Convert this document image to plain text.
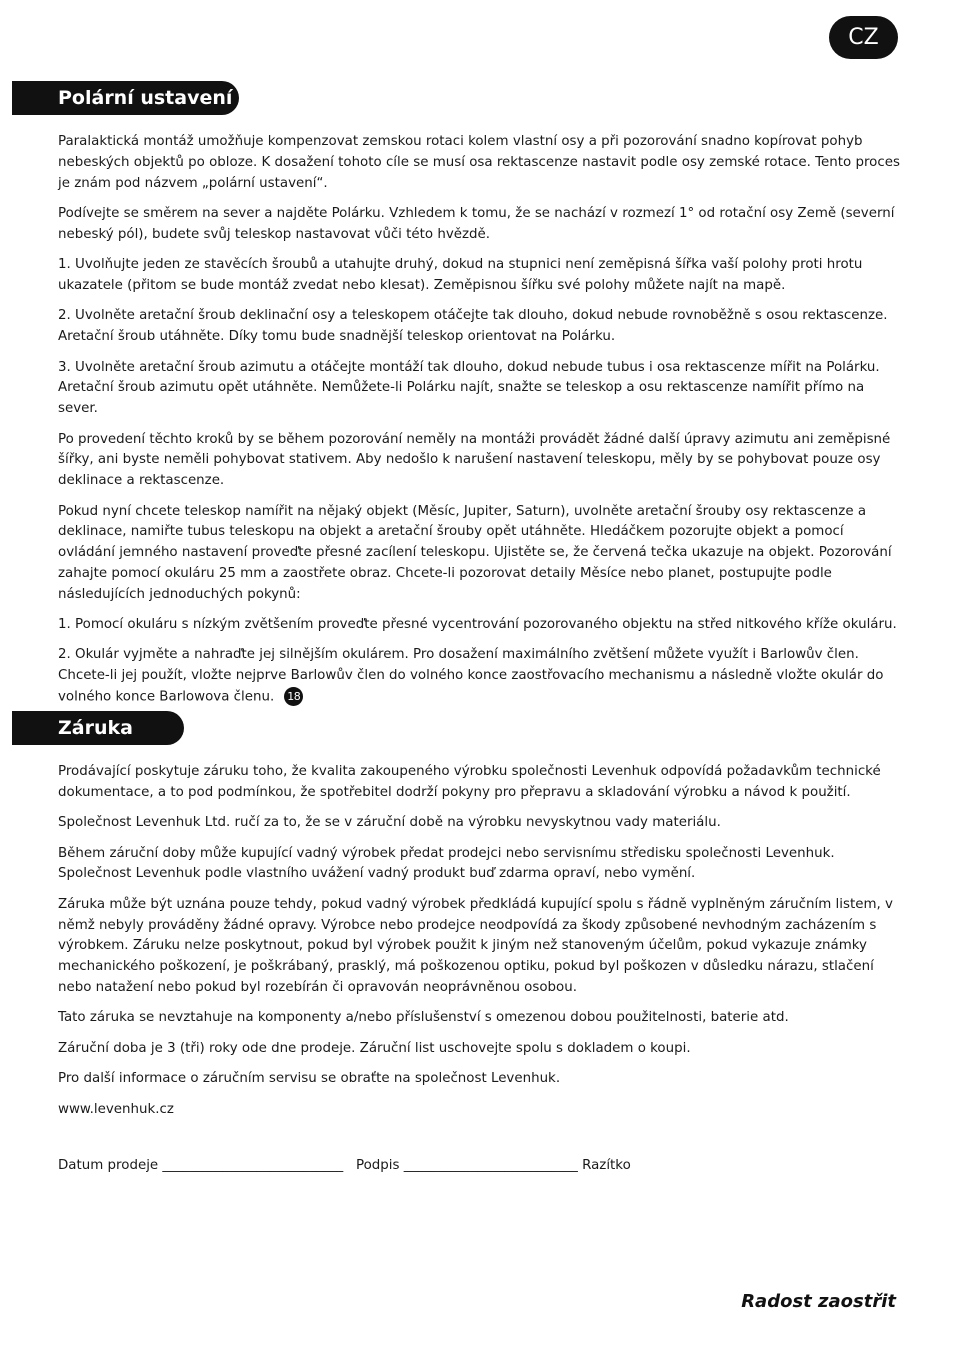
CZ
Polární ustavení

Paralaktická montáž umožňuje kompenzovat zemskou rotaci kolem vlastní osy a při pozorování snadno kopírovat pohyb nebeských objektů po obloze. K dosažení tohoto cíle se musí osa rektascenze nastavit podle osy zemské rotace. Tento proces je znám pod názvem „polární ustavení“.

Podívejte se směrem na sever a najděte Polárku. Vzhledem k tomu, že se nachází v rozmezí 1° od rotační osy Země (severní nebeský pól), budete svůj teleskop nastavovat vůči této hvězdě.

1. Uvolňujte jeden ze stavěcích šroubů a utahujte druhý, dokud na stupnici není zeměpisná šířka vaší polohy proti hrotu ukazatele (přitom se bude montáž zvedat nebo klesat). Zeměpisnou šířku své polohy můžete najít na mapě.

2. Uvolněte aretační šroub deklinační osy a teleskopem otáčejte tak dlouho, dokud nebude rovnoběžně s osou rektascenze. Aretační šroub utáhněte. Díky tomu bude snadnější teleskop orientovat na Polárku.

3. Uvolněte aretační šroub azimutu a otáčejte montáží tak dlouho, dokud nebude tubus i osa rektascenze mířit na Polárku. Aretační šroub azimutu opět utáhněte. Nemůžete-li Polárku najít, snažte se teleskop a osu rektascenze namířit přímo na sever.

Po provedení těchto kroků by se během pozorování neměly na montáži provádět žádné další úpravy azimutu ani zeměpisné šířky, ani byste neměli pohybovat stativem. Aby nedošlo k narušení nastavení teleskopu, měly by se pohybovat pouze osy deklinace a rektascenze.

Pokud nyní chcete teleskop namířit na nějaký objekt (Měsíc, Jupiter, Saturn), uvolněte aretační šrouby osy rektascenze a deklinace, namiřte tubus teleskopu na objekt a aretační šrouby opět utáhněte. Hledáčkem pozorujte objekt a pomocí ovládání jemného nastavení proveďte přesné zacílení teleskopu. Ujistěte se, že červená tečka ukazuje na objekt. Pozorování zahajte pomocí okuláru 25 mm a zaostřete obraz. Chcete-li pozorovat detaily Měsíce nebo planet, postupujte podle následujících jednoduchých pokynů:

1. Pomocí okuláru s nízkým zvětšením proveďte přesné vycentrování pozorovaného objektu na střed nitkového kříže okuláru.

2. Okulár vyjměte a nahraďte jej silnějším okulárem. Pro dosažení maximálního zvětšení můžete využít i Barlowův člen. Chcete-li jej použít, vložte nejprve Barlowův člen do volného konce zaostřovacího mechanismu a následně vložte okulár do volného konce Barlowova členu. 18

Záruka

Prodávající poskytuje záruku toho, že kvalita zakoupeného výrobku společnosti Levenhuk odpovídá požadavkům technické dokumentace, a to pod podmínkou, že spotřebitel dodrží pokyny pro přepravu a skladování výrobku a návod k použití.

Společnost Levenhuk Ltd. ručí za to, že se v záruční době na výrobku nevyskytnou vady materiálu.

Během záruční doby může kupující vadný výrobek předat prodejci nebo servisnímu středisku společnosti Levenhuk. Společnost Levenhuk podle vlastního uvážení vadný produkt buď zdarma opraví, nebo vymění.

Záruka může být uznána pouze tehdy, pokud vadný výrobek předkládá kupující spolu s řádně vyplněným záručním listem, v němž nebyly prováděny žádné opravy. Výrobce nebo prodejce neodpovídá za škody způsobené nevhodným zacházením s výrobkem. Záruku nelze poskytnout, pokud byl výrobek použit k jiným než stanoveným účelům, pokud vykazuje známky mechanického poškození, je poškrábaný, prasklý, má poškozenou optiku, pokud byl poškozen v důsledku nárazu, stlačení nebo natažení nebo pokud byl rozebírán či opravován neoprávněnou osobou.

Tato záruka se nevztahuje na komponenty a/nebo příslušenství s omezenou dobou použitelnosti, baterie atd.

Záruční doba je 3 (tři) roky ode dne prodeje. Záruční list uschovejte spolu s dokladem o koupi.

Pro další informace o záručním servisu se obraťte na společnost Levenhuk.

www.levenhuk.cz

Datum prodeje ___________________________ Podpis __________________________ Razítko
Radost zaostřit
